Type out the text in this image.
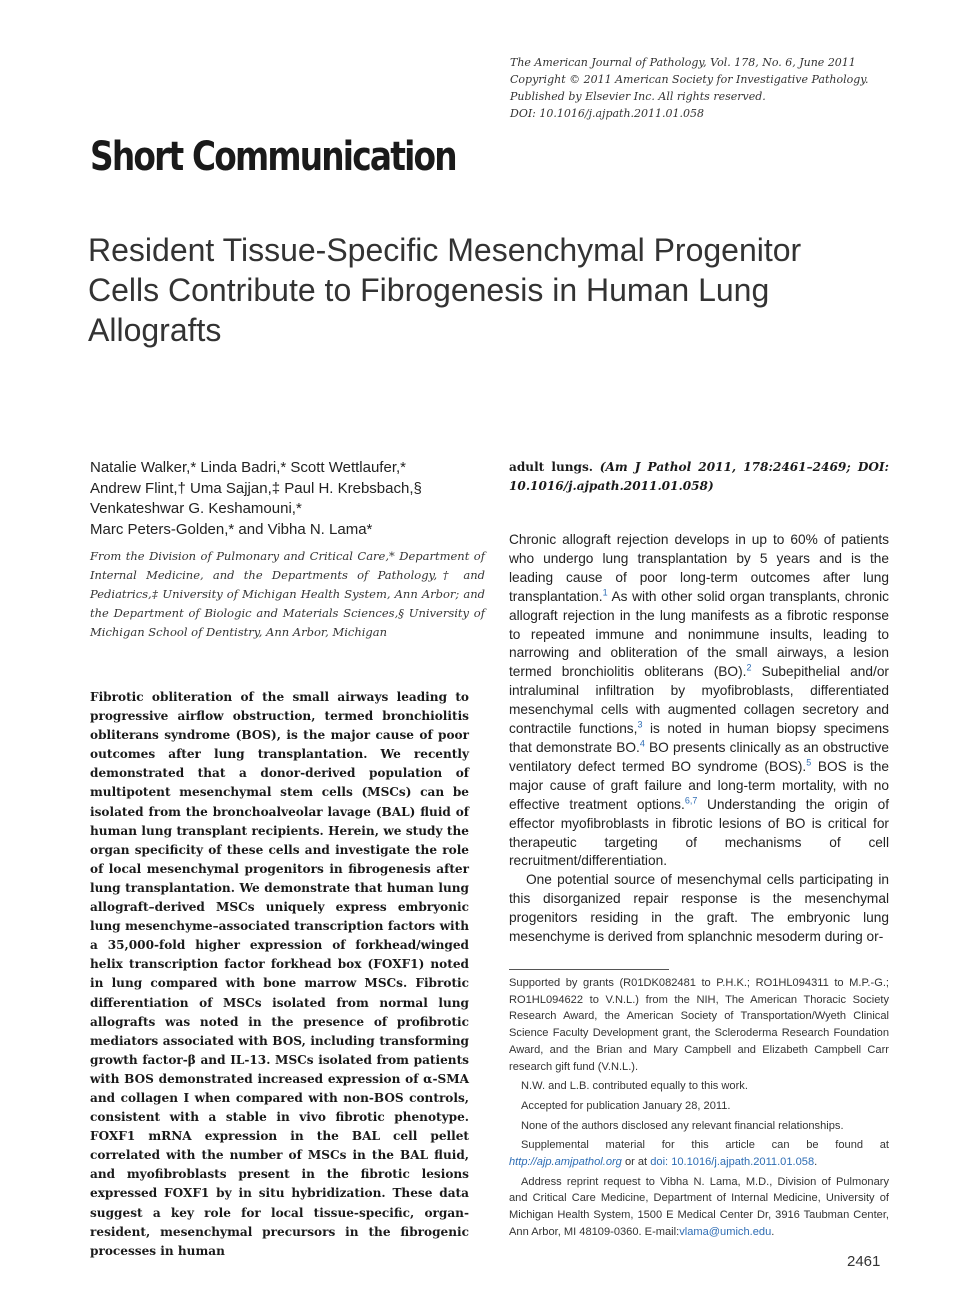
The American Journal of Pathology, Vol. 178, No. 6, June 2011
Copyright © 2011 American Society for Investigative Pathology.
Published by Elsevier Inc. All rights reserved.
DOI: 10.1016/j.ajpath.2011.01.058
Short Communication
Resident Tissue-Specific Mesenchymal Progenitor Cells Contribute to Fibrogenesis in Human Lung Allografts
Natalie Walker,* Linda Badri,* Scott Wettlaufer,*
Andrew Flint,† Uma Sajjan,‡ Paul H. Krebsbach,§
Venkateshwar G. Keshamouni,*
Marc Peters-Golden,* and Vibha N. Lama*
From the Division of Pulmonary and Critical Care,* Department of Internal Medicine, and the Departments of Pathology,† and Pediatrics,‡ University of Michigan Health System, Ann Arbor; and the Department of Biologic and Materials Sciences,§ University of Michigan School of Dentistry, Ann Arbor, Michigan
Fibrotic obliteration of the small airways leading to progressive airflow obstruction, termed bronchiolitis obliterans syndrome (BOS), is the major cause of poor outcomes after lung transplantation. We recently demonstrated that a donor-derived population of multipotent mesenchymal stem cells (MSCs) can be isolated from the bronchoalveolar lavage (BAL) fluid of human lung transplant recipients. Herein, we study the organ specificity of these cells and investigate the role of local mesenchymal progenitors in fibrogenesis after lung transplantation. We demonstrate that human lung allograft–derived MSCs uniquely express embryonic lung mesenchyme–associated transcription factors with a 35,000-fold higher expression of forkhead/winged helix transcription factor forkhead box (FOXF1) noted in lung compared with bone marrow MSCs. Fibrotic differentiation of MSCs isolated from normal lung allografts was noted in the presence of profibrotic mediators associated with BOS, including transforming growth factor-β and IL-13. MSCs isolated from patients with BOS demonstrated increased expression of α-SMA and collagen I when compared with non-BOS controls, consistent with a stable in vivo fibrotic phenotype. FOXF1 mRNA expression in the BAL cell pellet correlated with the number of MSCs in the BAL fluid, and myofibroblasts present in the fibrotic lesions expressed FOXF1 by in situ hybridization. These data suggest a key role for local tissue-specific, organ-resident, mesenchymal precursors in the fibrogenic processes in human
adult lungs. (Am J Pathol 2011, 178:2461–2469; DOI: 10.1016/j.ajpath.2011.01.058)

Chronic allograft rejection develops in up to 60% of patients who undergo lung transplantation by 5 years and is the leading cause of poor long-term outcomes after lung transplantation.$^1$ As with other solid organ transplants, chronic allograft rejection in the lung manifests as a fibrotic response to repeated immune and nonimmune insults, leading to narrowing and obliteration of the small airways, a lesion termed bronchiolitis obliterans (BO).$^2$ Subepithelial and/or intraluminal infiltration by myofibroblasts, differentiated mesenchymal cells with augmented collagen secretory and contractile functions,$^3$ is noted in human biopsy specimens that demonstrate BO.$^4$ BO presents clinically as an obstructive ventilatory defect termed BO syndrome (BOS).$^5$ BOS is the major cause of graft failure and long-term mortality, with no effective treatment options.$^{6,7}$ Understanding the origin of effector myofibroblasts in fibrotic lesions of BO is critical for therapeutic targeting of mechanisms of cell recruitment/differentiation.

One potential source of mesenchymal cells participating in this disorganized repair response is the mesenchymal progenitors residing in the graft. The embryonic lung mesenchyme is derived from splanchnic mesoderm during or-

Supported by grants (R01DK082481 to P.H.K.; RO1HL094311 to M.P.-G.; RO1HL094622 to V.N.L.) from the NIH, The American Thoracic Society Research Award, the American Society of Transportation/Wyeth Clinical Science Faculty Development grant, the Scleroderma Research Foundation Award, and the Brian and Mary Campbell and Elizabeth Campbell Carr research gift fund (V.N.L.).

N.W. and L.B. contributed equally to this work.

Accepted for publication January 28, 2011.

None of the authors disclosed any relevant financial relationships.

Supplemental material for this article can be found at http://ajp.amjpathol.org or at doi: 10.1016/j.ajpath.2011.01.058.

Address reprint request to Vibha N. Lama, M.D., Division of Pulmonary and Critical Care Medicine, Department of Internal Medicine, University of Michigan Health System, 1500 E Medical Center Dr, 3916 Taubman Center, Ann Arbor, MI 48109-0360. E-mail:vlama@umich.edu.

2461
